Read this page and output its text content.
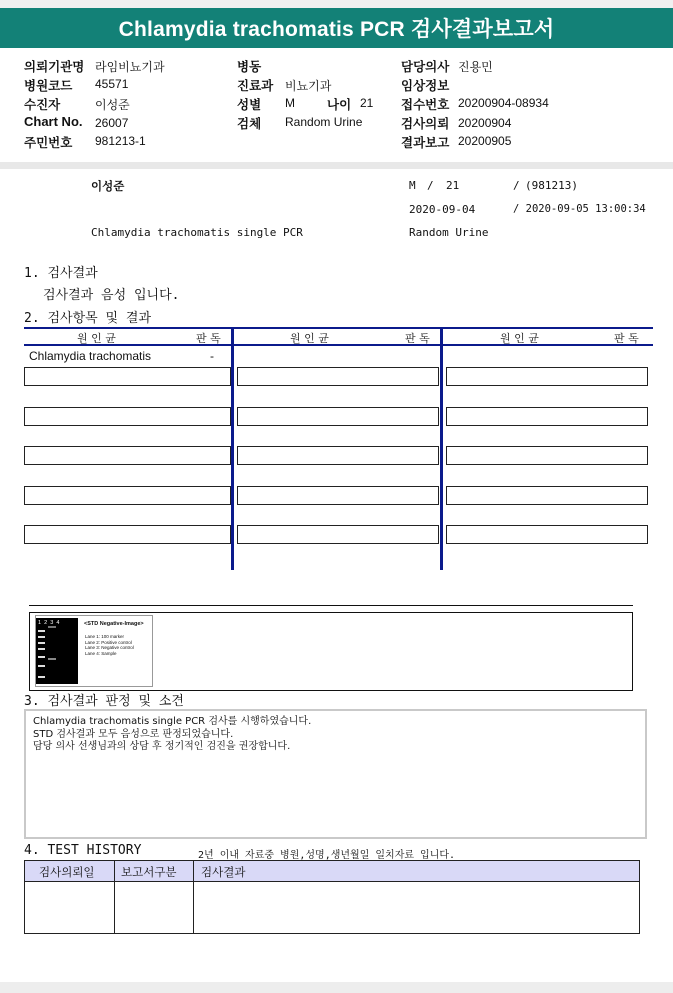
Chlamydia trachomatis PCR 검사결과보고서
의뢰기관명 라임비뇨기과
병원코드 45571
수진자	이성준
Chart No. 26007
주민번호 981213-1
병동
진료과 비뇨기과
성별 M	나이 21
검체 Random Urine
담당의사 진용민
임상정보
접수번호 20200904-08934
검사의뢰 20200904
결과보고 20200905
이성준	M / 21	/ (981213)
2020-09-04	/ 2020-09-05 13:00:34
Chlamydia trachomatis single PCR	Random Urine
1. 검사결과
검사결과 음성 입니다.
2. 검사항목 및 결과
원 인 균	판 독	원 인 균	판 독	원 인 균	판 독
Chlamydia trachomatis	-
1  2  3  4	<STD Negative-Image>
Lane 1: 100 marker
Lane 2: Positive control
Lane 3: Negative control
Lane 4: Sample
3. 검사결과 판정 및 소견
Chlamydia trachomatis single PCR 검사를 시행하였습니다.
STD 검사결과 모두 음성으로 판정되었습니다.
담당 의사 선생님과의 상담 후 정기적인 검진을 권장합니다.
4. TEST HISTORY	2년 이내 자료중 병원,성명,생년월일 일치자료 입니다.
검사의뢰일 보고서구분 검사결과
